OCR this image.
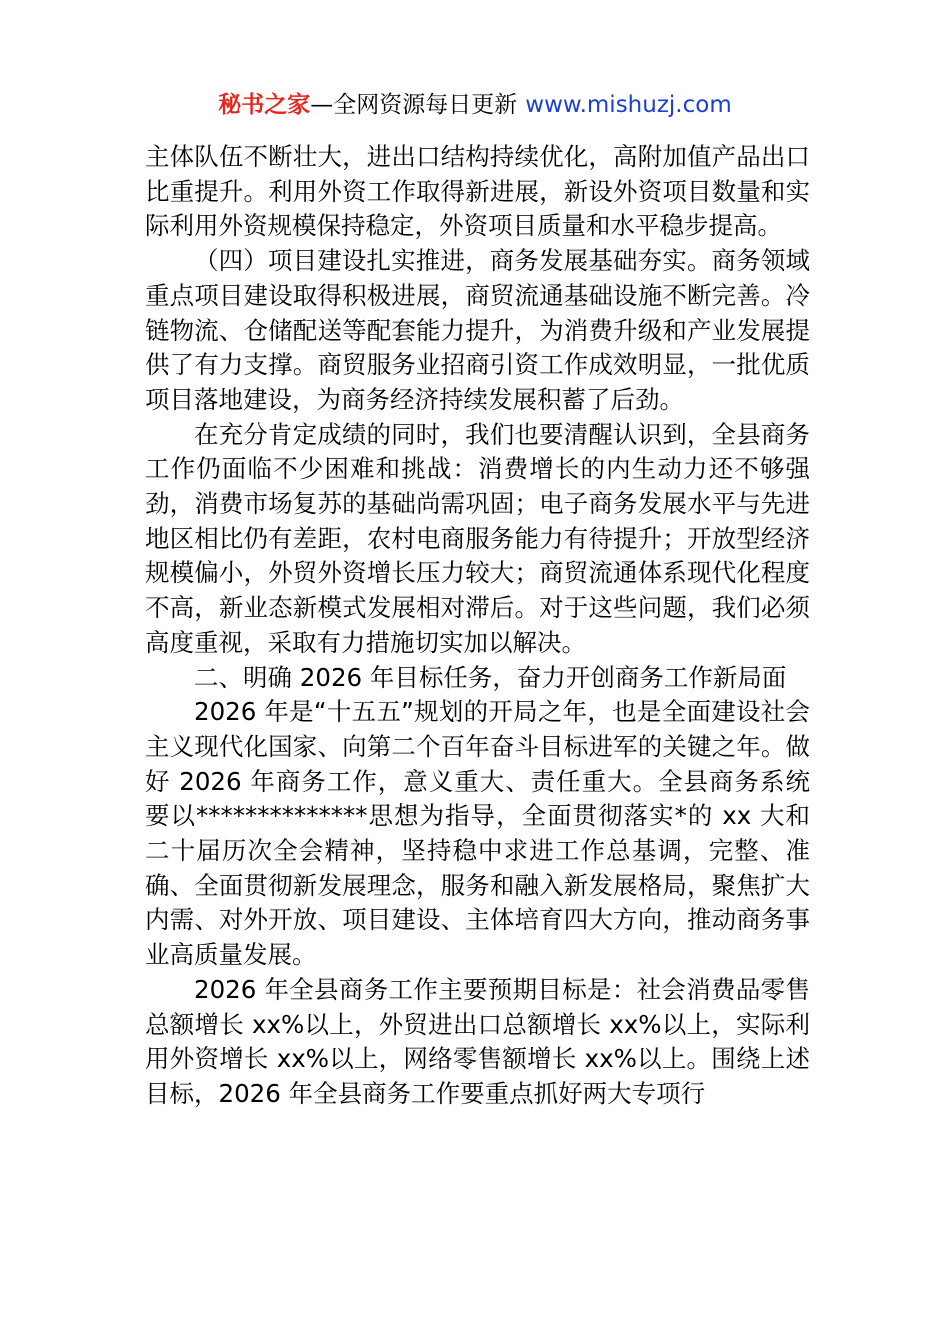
秘书之家—全网资源每日更新 www.mishuzj.com

主体队伍不断壮大，进出口结构持续优化，高附加值产品出口比重提升。利用外资工作取得新进展，新设外资项目数量和实际利用外资规模保持稳定，外资项目质量和水平稳步提高。

（四）项目建设扎实推进，商务发展基础夯实。商务领域重点项目建设取得积极进展，商贸流通基础设施不断完善。冷链物流、仓储配送等配套能力提升，为消费升级和产业发展提供了有力支撑。商贸服务业招商引资工作成效明显，一批优质项目落地建设，为商务经济持续发展积蓄了后劲。

在充分肯定成绩的同时，我们也要清醒认识到，全县商务工作仍面临不少困难和挑战：消费增长的内生动力还不够强劲，消费市场复苏的基础尚需巩固；电子商务发展水平与先进地区相比仍有差距，农村电商服务能力有待提升；开放型经济规模偏小，外贸外资增长压力较大；商贸流通体系现代化程度不高，新业态新模式发展相对滞后。对于这些问题，我们必须高度重视，采取有力措施切实加以解决。

二、明确 2026 年目标任务，奋力开创商务工作新局面

2026 年是“十五五”规划的开局之年，也是全面建设社会主义现代化国家、向第二个百年奋斗目标进军的关键之年。做好 2026 年商务工作，意义重大、责任重大。全县商务系统要以**************思想为指导，全面贯彻落实*的 xx 大和二十届历次全会精神，坚持稳中求进工作总基调，完整、准确、全面贯彻新发展理念，服务和融入新发展格局，聚焦扩大内需、对外开放、项目建设、主体培育四大方向，推动商务事业高质量发展。

2026 年全县商务工作主要预期目标是：社会消费品零售总额增长 xx%以上，外贸进出口总额增长 xx%以上，实际利用外资增长 xx%以上，网络零售额增长 xx%以上。围绕上述目标，2026 年全县商务工作要重点抓好两大专项行
